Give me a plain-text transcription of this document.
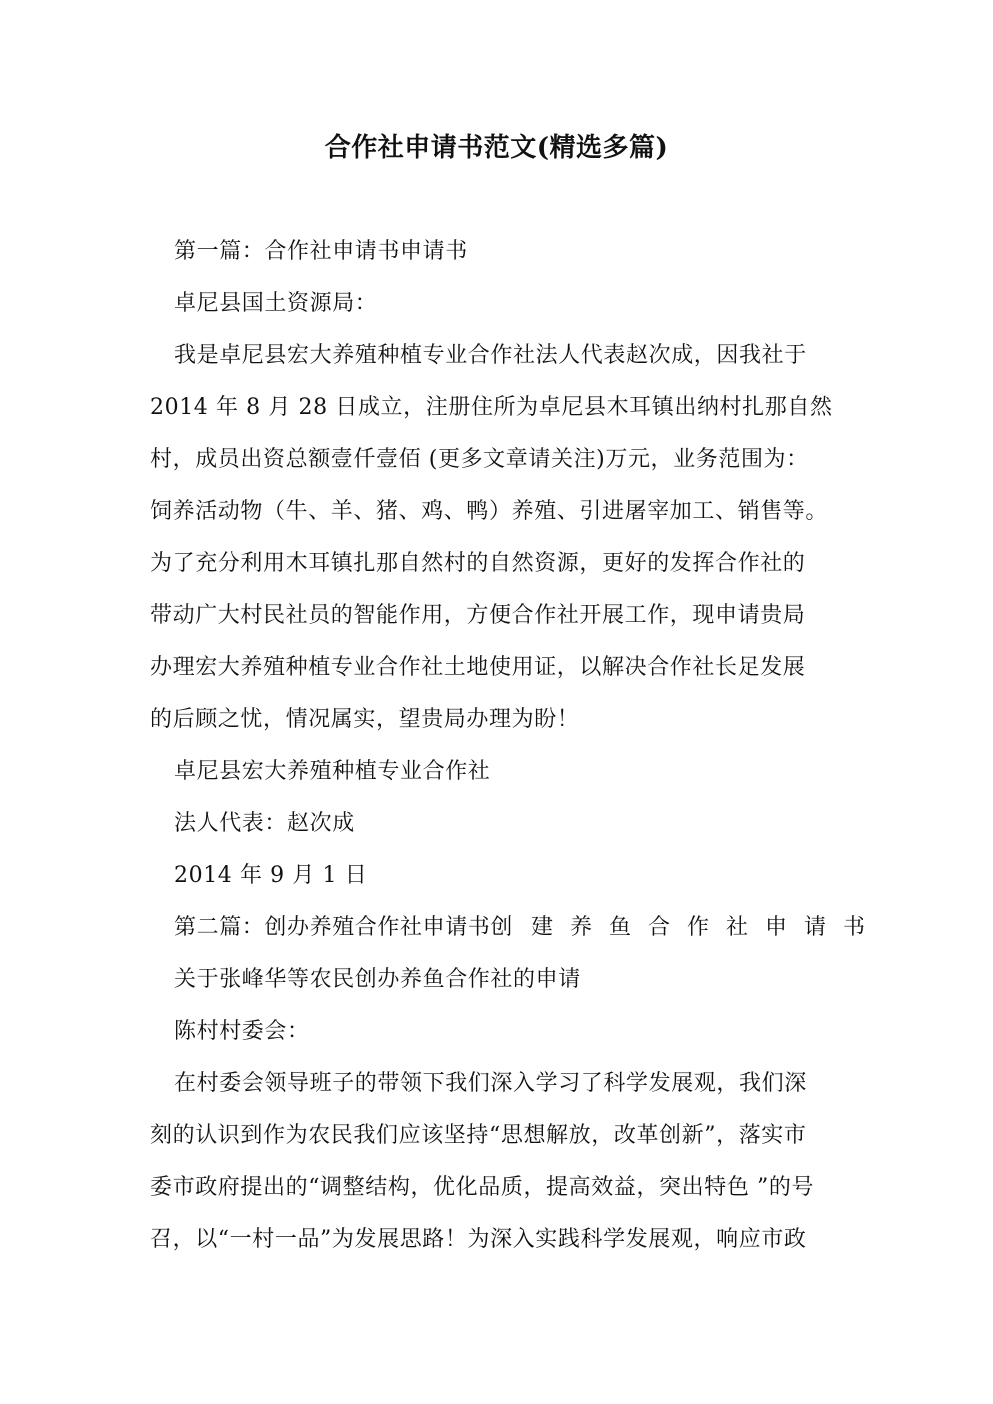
合作社申请书范文(精选多篇)
第一篇：合作社申请书申请书
卓尼县国土资源局：
我是卓尼县宏大养殖种植专业合作社法人代表赵次成，因我社于
2014 年 8 月 28 日成立，注册住所为卓尼县木耳镇出纳村扎那自然
村，成员出资总额壹仟壹佰 (更多文章请关注)万元，业务范围为：
饲养活动物（牛、羊、猪、鸡、鸭）养殖、引进屠宰加工、销售等。
为了充分利用木耳镇扎那自然村的自然资源，更好的发挥合作社的
带动广大村民社员的智能作用，方便合作社开展工作，现申请贵局
办理宏大养殖种植专业合作社土地使用证，以解决合作社长足发展
的后顾之忧，情况属实，望贵局办理为盼！
卓尼县宏大养殖种植专业合作社
法人代表：赵次成
2014 年 9 月 1 日
第二篇：创办养殖合作社申请书创 建养鱼合作社申请书
关于张峰华等农民创办养鱼合作社的申请
陈村村委会：
在村委会领导班子的带领下我们深入学习了科学发展观，我们深
刻的认识到作为农民我们应该坚持“思想解放，改革创新”，落实市
委市政府提出的“调整结构，优化品质，提高效益，突出特色 ”的号
召，以“一村一品”为发展思路！为深入实践科学发展观，响应市政
